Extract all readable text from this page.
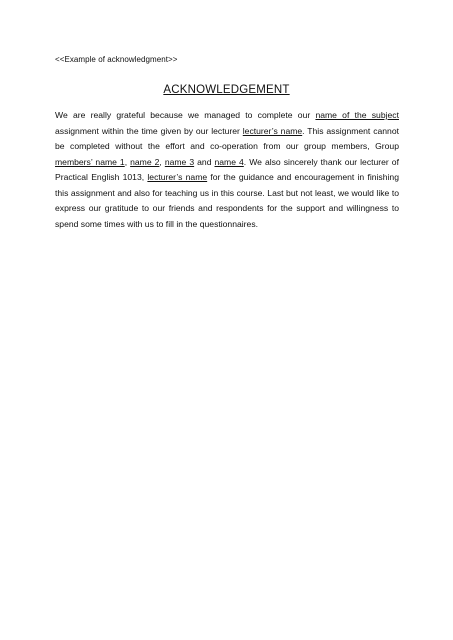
<<Example of acknowledgment>>
ACKNOWLEDGEMENT

We are really grateful because we managed to complete our name of the subject assignment within the time given by our lecturer lecturer’s name. This assignment cannot be completed without the effort and co-operation from our group members, Group members’ name 1, name 2, name 3 and name 4. We also sincerely thank our lecturer of Practical English 1013, lecturer’s name for the guidance and encouragement in finishing this assignment and also for teaching us in this course. Last but not least, we would like to express our gratitude to our friends and respondents for the support and willingness to spend some times with us to fill in the questionnaires.
